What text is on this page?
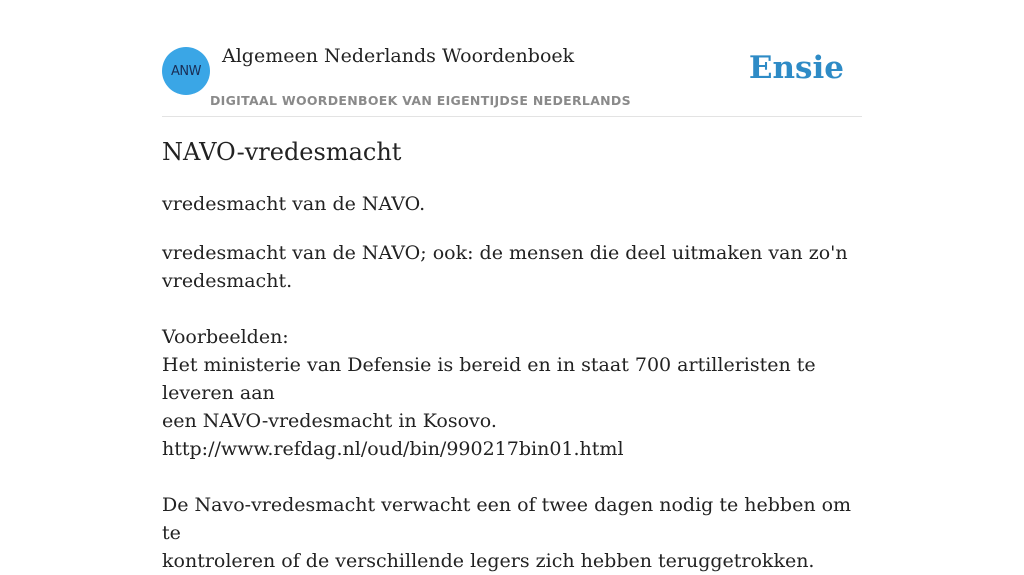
ANW
Algemeen Nederlands Woordenboek
DIGITAAL WOORDENBOEK VAN EIGENTIJDSE NEDERLANDS
Ensie
NAVO-vredesmacht
vredesmacht van de NAVO.

vredesmacht van de NAVO; ook: de mensen die deel uitmaken van zo'n

vredesmacht.

Voorbeelden:

Het ministerie van Defensie is bereid en in staat 700 artilleristen te leveren aan

een NAVO-vredesmacht in Kosovo.

http://www.refdag.nl/oud/bin/990217bin01.html

De Navo-vredesmacht verwacht een of twee dagen nodig te hebben om te

kontroleren of de verschillende legers zich hebben teruggetrokken.
